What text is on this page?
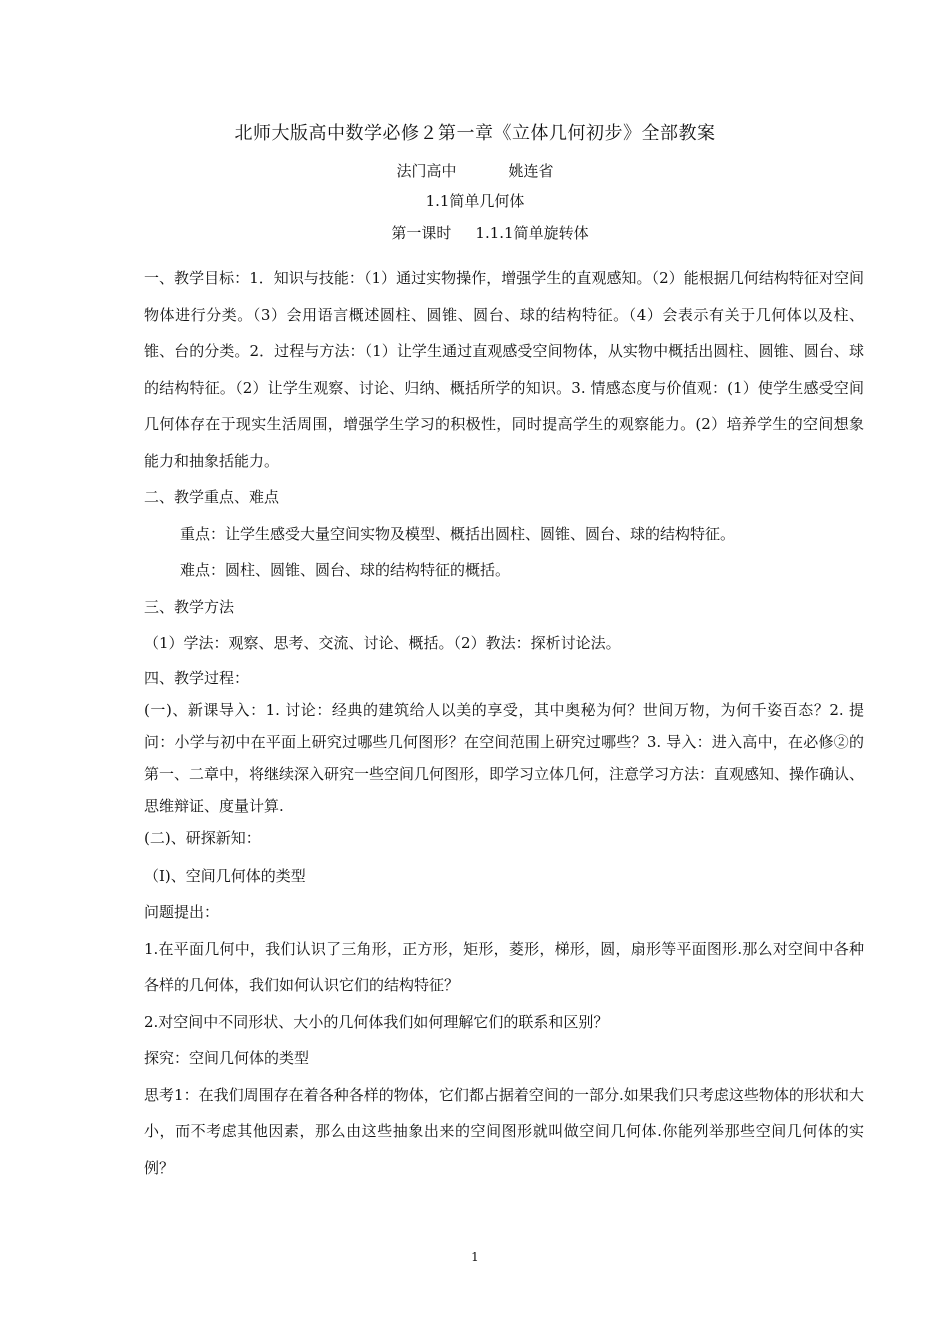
北师大版高中数学必修２第一章《立体几何初步》全部教案
法门高中	姚连省
1.1简单几何体
第一课时 1.1.1简单旋转体

一、教学目标：1．知识与技能：（1）通过实物操作，增强学生的直观感知。（2）能根据几何结构特征对空间物体进行分类。（3）会用语言概述圆柱、圆锥、圆台、球的结构特征。（4）会表示有关于几何体以及柱、锥、台的分类。2．过程与方法：（1）让学生通过直观感受空间物体，从实物中概括出圆柱、圆锥、圆台、球的结构特征。（2）让学生观察、讨论、归纳、概括所学的知识。3. 情感态度与价值观：(1）使学生感受空间几何体存在于现实生活周围，增强学生学习的积极性，同时提高学生的观察能力。(2）培养学生的空间想象能力和抽象括能力。

二、教学重点、难点

重点：让学生感受大量空间实物及模型、概括出圆柱、圆锥、圆台、球的结构特征。

难点：圆柱、圆锥、圆台、球的结构特征的概括。

三、教学方法

（1）学法：观察、思考、交流、讨论、概括。（2）教法：探析讨论法。

四、教学过程：

(一)、新课导入：1. 讨论：经典的建筑给人以美的享受，其中奥秘为何？世间万物，为何千姿百态？2. 提问：小学与初中在平面上研究过哪些几何图形？在空间范围上研究过哪些？3. 导入：进入高中，在必修②的第一、二章中，将继续深入研究一些空间几何图形，即学习立体几何，注意学习方法：直观感知、操作确认、思维辩证、度量计算.

(二)、研探新知：

（Ⅰ)、空间几何体的类型

问题提出：

1.在平面几何中，我们认识了三角形，正方形，矩形，菱形，梯形，圆，扇形等平面图形.那么对空间中各种各样的几何体，我们如何认识它们的结构特征？

2.对空间中不同形状、大小的几何体我们如何理解它们的联系和区别？

探究：空间几何体的类型

思考1：在我们周围存在着各种各样的物体，它们都占据着空间的一部分.如果我们只考虑这些物体的形状和大小，而不考虑其他因素，那么由这些抽象出来的空间图形就叫做空间几何体.你能列举那些空间几何体的实例？

1
